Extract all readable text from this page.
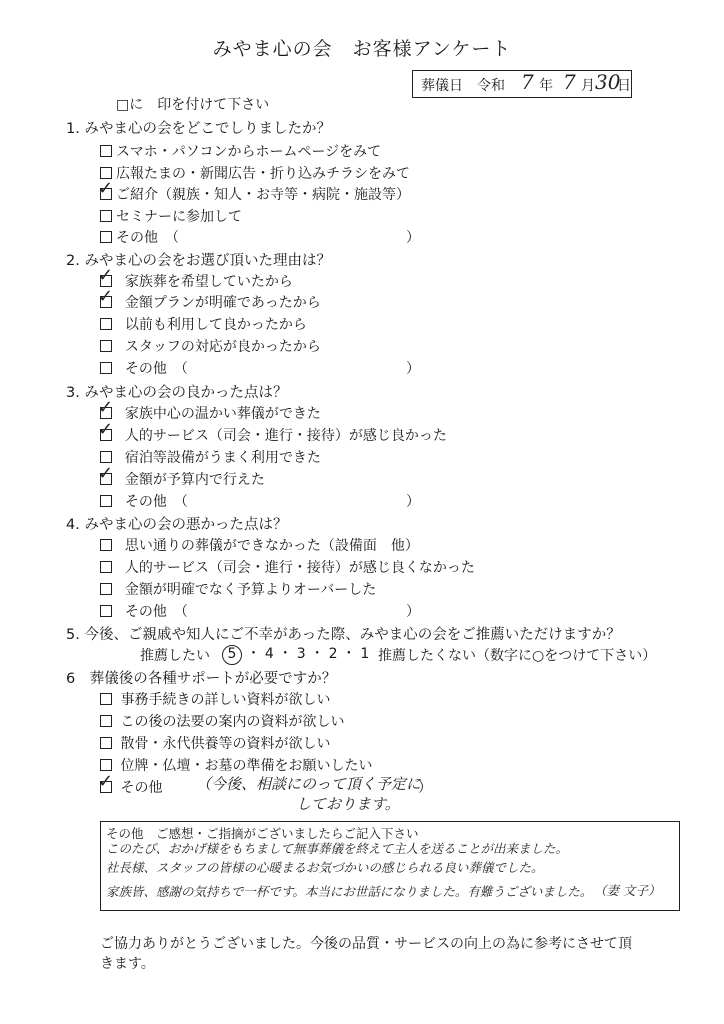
みやま心の会　お客様アンケート
葬儀日　令和 7 年 7 月 30
日
□に　印を付けて下さい
1. みやま心の会をどこでしりましたか？
スマホ・パソコンからホームページをみて
広報たまの・新聞広告・折り込みチラシをみて
ご紹介（親族・知人・お寺等・病院・施設等）
✓
セミナーに参加して
その他　（	）
2. みやま心の会をお選び頂いた理由は？
家族葬を希望していたから
✓
金額プランが明確であったから
✓
以前も利用して良かったから
スタッフの対応が良かったから
その他　（	）
3. みやま心の会の良かった点は？
家族中心の温かい葬儀ができた
✓
人的サービス（司会・進行・接待）が感じ良かった
✓
宿泊等設備がうまく利用できた
金額が予算内で行えた
✓
その他　（	）
4. みやま心の会の悪かった点は？
思い通りの葬儀ができなかった（設備面　他）
人的サービス（司会・進行・接待）が感じ良くなかった
金額が明確でなく予算よりオーバーした
その他　（	）
5. 今後、ご親戚や知人にご不幸があった際、みやま心の会をご推薦いただけますか？
推薦したい	5 ・ 4 ・ 3 ・ 2 ・ 1 推薦したくない（数字に○をつけて下さい）
6　葬儀後の各種サポートが必要ですか？
事務手続きの詳しい資料が欲しい
この後の法要の案内の資料が欲しい
散骨・永代供養等の資料が欲しい
位牌・仏壇・お墓の準備をお願いしたい
その他
✓	（今後、相談にのって頂く予定に
）
しております。
その他　ご感想・ご指摘がございましたらご記入下さい
このたび、おかげ様をもちまして無事葬儀を終えて主人を送ることが出来ました。
社長様、スタッフの皆様の心暖まるお気づかいの感じられる良い葬儀でした。
家族皆、感謝の気持ちで一杯です。本当にお世話になりました。有難うございました。 （妻 文子）
ご協力ありがとうございました。今後の品質・サービスの向上の為に参考にさせて頂
きます。
